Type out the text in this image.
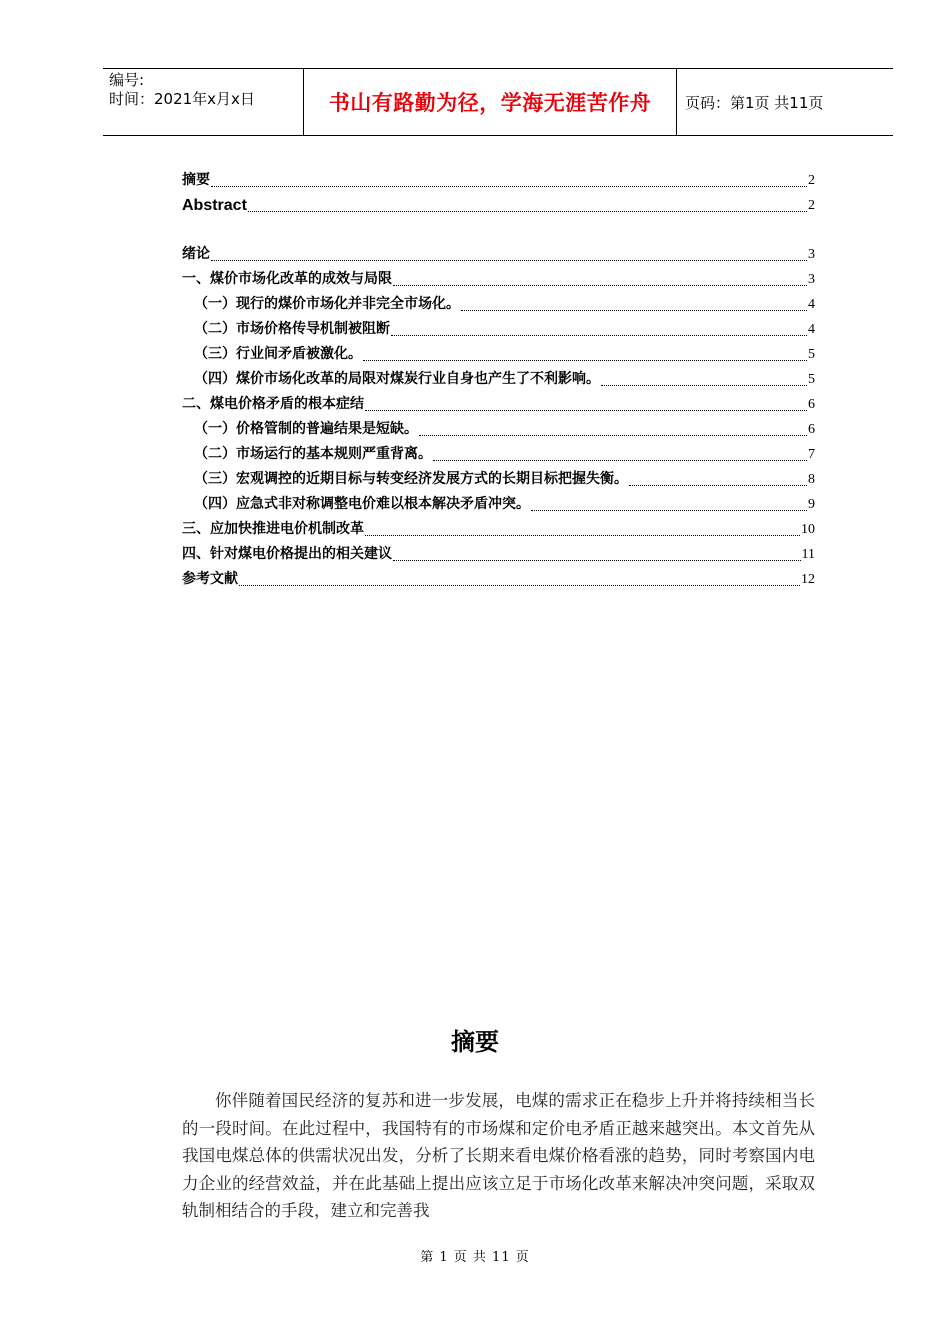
编号:
时间：2021年x月x日	书山有路勤为径，学海无涯苦作舟	页码：第1页 共11页
摘要	2
Abstract	2
绪论	3
一、煤价市场化改革的成效与局限	3
（一）现行的煤价市场化并非完全市场化。	4
（二）市场价格传导机制被阻断	4
（三）行业间矛盾被激化。	5
（四）煤价市场化改革的局限对煤炭行业自身也产生了不利影响。	5
二、煤电价格矛盾的根本症结	6
（一）价格管制的普遍结果是短缺。	6
（二）市场运行的基本规则严重背离。	7
（三）宏观调控的近期目标与转变经济发展方式的长期目标把握失衡。	8
（四）应急式非对称调整电价难以根本解决矛盾冲突。	9
三、应加快推进电价机制改革	10
四、针对煤电价格提出的相关建议	11
参考文献	12
摘要
你伴随着国民经济的复苏和进一步发展，电煤的需求正在稳步上升并将持续相当长的一段时间。在此过程中，我国特有的市场煤和定价电矛盾正越来越突出。本文首先从我国电煤总体的供需状况出发，分析了长期来看电煤价格看涨的趋势，同时考察国内电力企业的经营效益，并在此基础上提出应该立足于市场化改革来解决冲突问题，采取双轨制相结合的手段，建立和完善我
第 1 页 共 11 页
